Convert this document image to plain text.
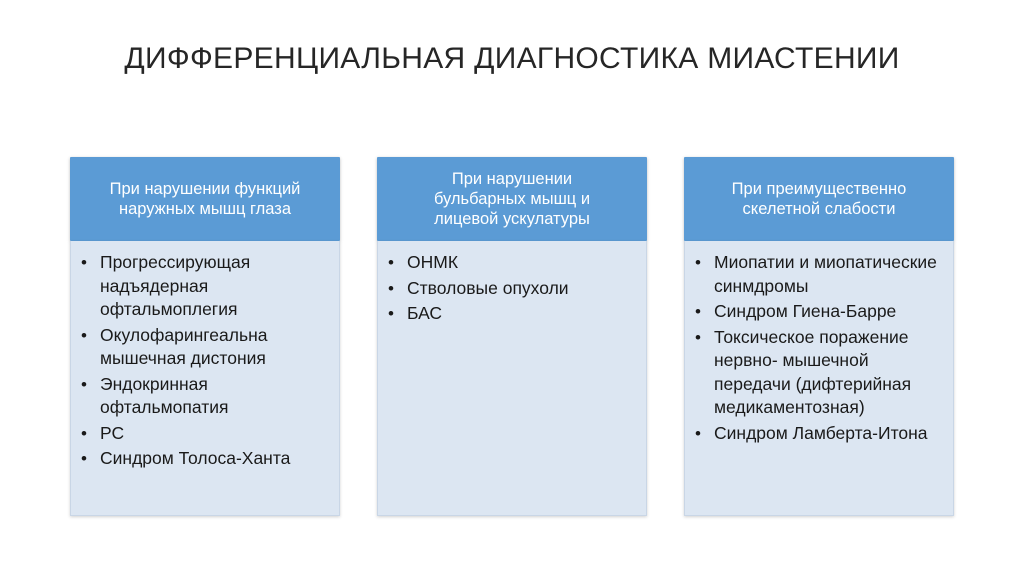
ДИФФЕРЕНЦИАЛЬНАЯ ДИАГНОСТИКА МИАСТЕНИИ
При нарушении функций
наружных мышц глаза
• Прогрессирующая надъядерная офтальмоплегия
• Окулофарингеальна мышечная дистония
• Эндокринная офтальмопатия
• РС
• Синдром Толоса-Ханта
При нарушении
бульбарных мышц и
лицевой ускулатуры
• ОНМК
• Стволовые опухоли
• БАС
При преимущественно
скелетной слабости
• Миопатии и миопатические синмдромы
• Синдром Гиена-Барре
• Токсическое поражение нервно- мышечной передачи (дифтерийная медикаментозная)
• Синдром Ламберта-Итона
